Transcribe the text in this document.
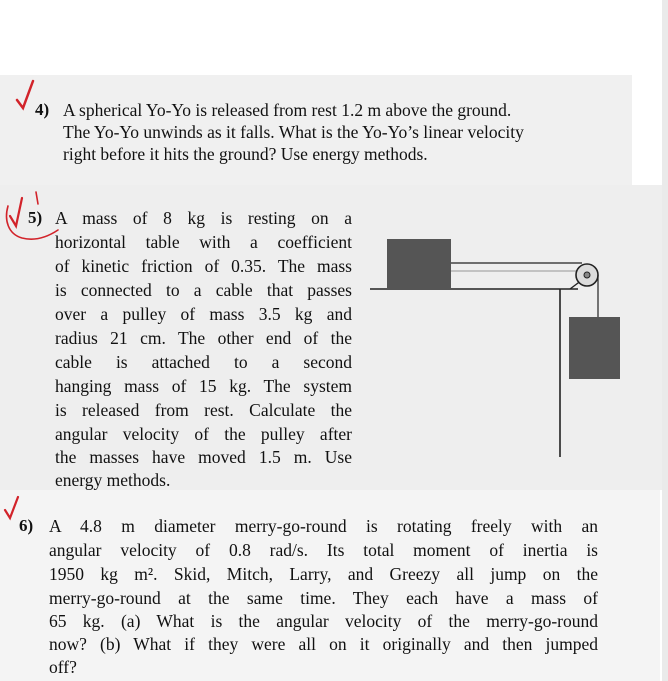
4) A spherical Yo-Yo is released from rest 1.2 m above the ground.
The Yo-Yo unwinds as it falls. What is the Yo-Yo’s linear velocity
right before it hits the ground? Use energy methods.
5) A mass of 8 kg is resting on a
horizontal table with a coefficient
of kinetic friction of 0.35. The mass
is connected to a cable that passes
over a pulley of mass 3.5 kg and
radius 21 cm. The other end of the
cable is attached to a second
hanging mass of 15 kg. The system
is released from rest. Calculate the
angular velocity of the pulley after
the masses have moved 1.5 m. Use
energy methods.
6) A 4.8 m diameter merry-go-round is rotating freely with an
angular velocity of 0.8 rad/s. Its total moment of inertia is
1950 kg m². Skid, Mitch, Larry, and Greezy all jump on the
merry-go-round at the same time. They each have a mass of
65 kg. (a) What is the angular velocity of the merry-go-round
now? (b) What if they were all on it originally and then jumped
off?
